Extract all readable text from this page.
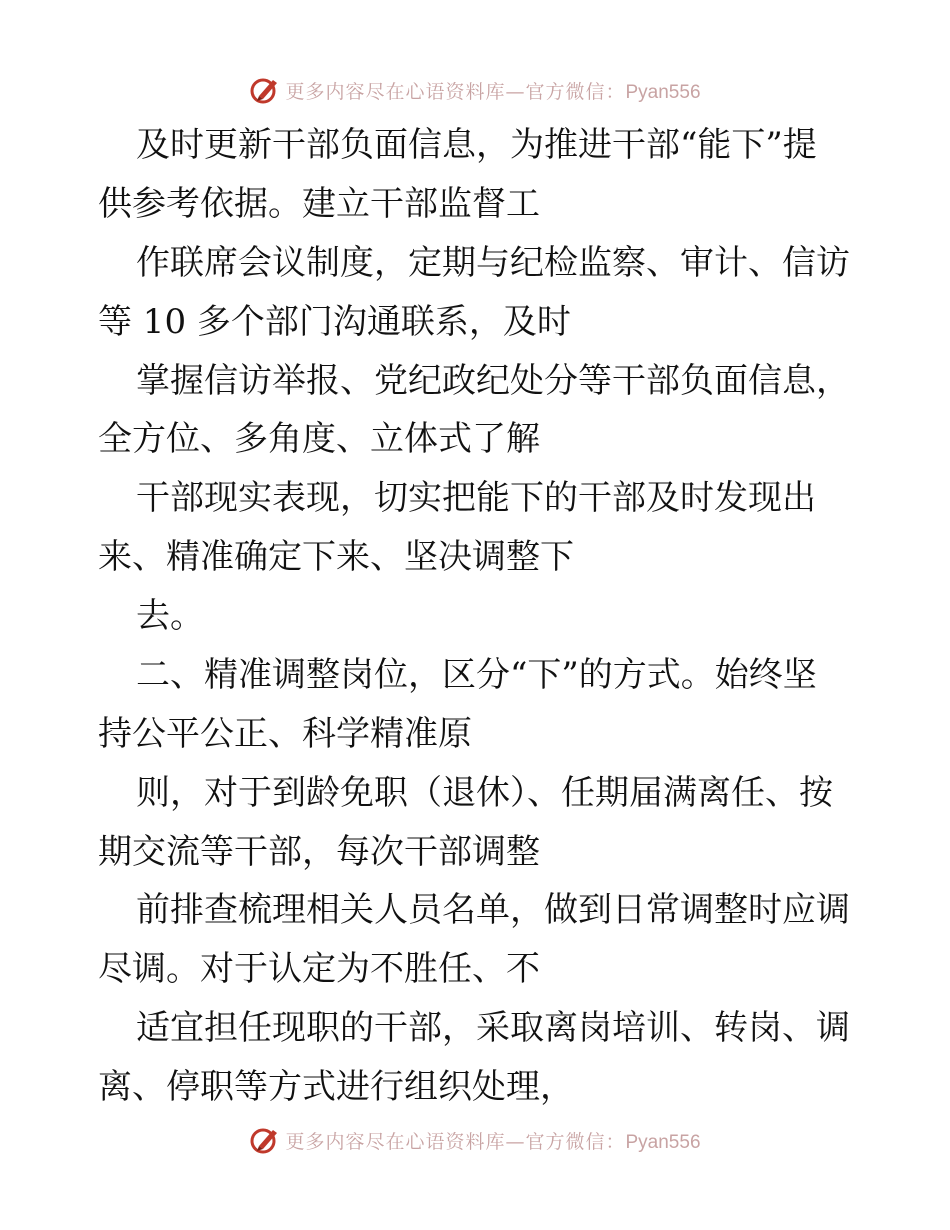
更多内容尽在心语资料库—官方微信：Pyan556
及时更新干部负面信息，为推进干部“能下”提
供参考依据。建立干部监督工
作联席会议制度，定期与纪检监察、审计、信访
等 10 多个部门沟通联系，及时
掌握信访举报、党纪政纪处分等干部负面信息，
全方位、多角度、立体式了解
干部现实表现，切实把能下的干部及时发现出
来、精准确定下来、坚决调整下
去。
二、精准调整岗位，区分“下”的方式。始终坚
持公平公正、科学精准原
则，对于到龄免职（退休）、任期届满离任、按
期交流等干部，每次干部调整
前排查梳理相关人员名单，做到日常调整时应调
尽调。对于认定为不胜任、不
适宜担任现职的干部，采取离岗培训、转岗、调
离、停职等方式进行组织处理，
更多内容尽在心语资料库—官方微信：Pyan556
